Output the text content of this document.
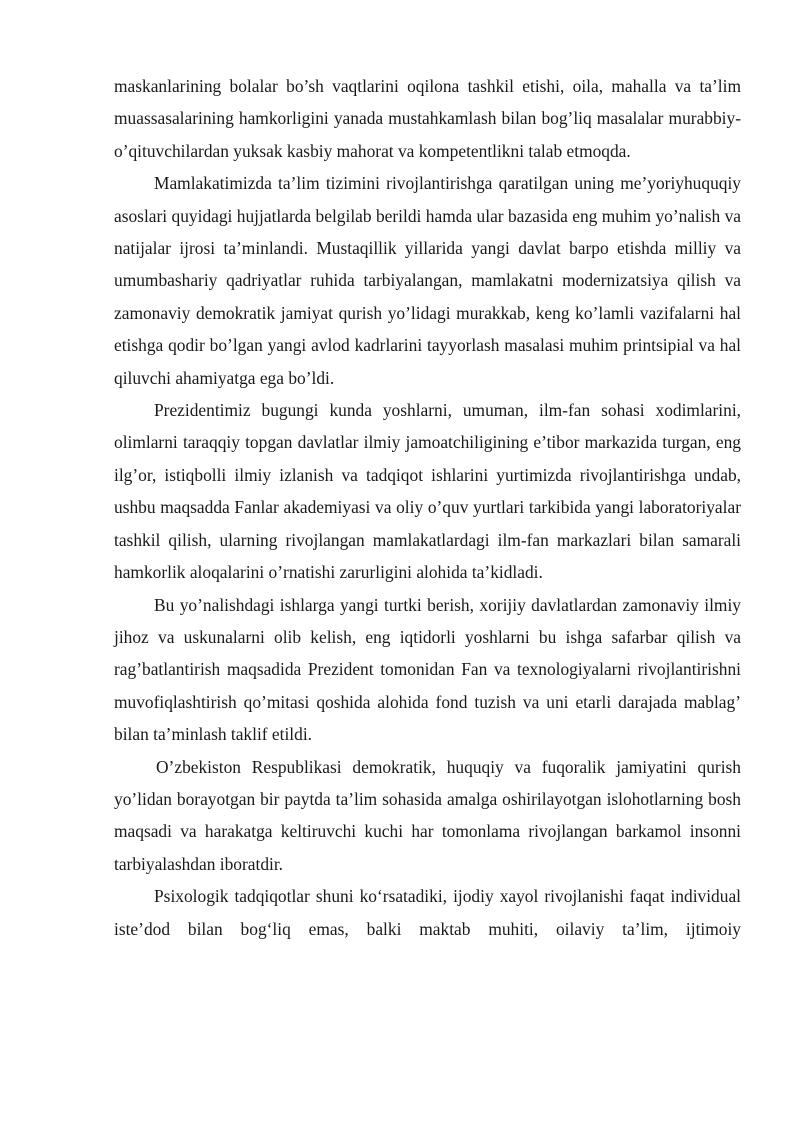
maskanlarining bolalar bo’sh vaqtlarini oqilona tashkil etishi, oila, mahalla va ta’lim muassasalarining hamkorligini yanada mustahkamlash bilan bog’liq masalalar murabbiy-o’qituvchilardan yuksak kasbiy mahorat va kompetentlikni talab etmoqda.

Mamlakatimizda ta’lim tizimini rivojlantirishga qaratilgan uning me’yoriyhuquqiy asoslari quyidagi hujjatlarda belgilab berildi hamda ular bazasida eng muhim yo’nalish va natijalar ijrosi ta’minlandi. Mustaqillik yillarida yangi davlat barpo etishda milliy va umumbashariy qadriyatlar ruhida tarbiyalangan, mamlakatni modernizatsiya qilish va zamonaviy demokratik jamiyat qurish yo’lidagi murakkab, keng ko’lamli vazifalarni hal etishga qodir bo’lgan yangi avlod kadrlarini tayyorlash masalasi muhim printsipial va hal qiluvchi ahamiyatga ega bo’ldi.

Prezidentimiz bugungi kunda yoshlarni, umuman, ilm-fan sohasi xodimlarini, olimlarni taraqqiy topgan davlatlar ilmiy jamoatchiligining e’tibor markazida turgan, eng ilg’or, istiqbolli ilmiy izlanish va tadqiqot ishlarini yurtimizda rivojlantirishga undab, ushbu maqsadda Fanlar akademiyasi va oliy o’quv yurtlari tarkibida yangi laboratoriyalar tashkil qilish, ularning rivojlangan mamlakatlardagi ilm-fan markazlari bilan samarali hamkorlik aloqalarini o’rnatishi zarurligini alohida ta’kidladi.

Bu yo’nalishdagi ishlarga yangi turtki berish, xorijiy davlatlardan zamonaviy ilmiy jihoz va uskunalarni olib kelish, eng iqtidorli yoshlarni bu ishga safarbar qilish va rag’batlantirish maqsadida Prezident tomonidan Fan va texnologiyalarni rivojlantirishni muvofiqlashtirish qo’mitasi qoshida alohida fond tuzish va uni etarli darajada mablag’ bilan ta’minlash taklif etildi.

O’zbekiston Respublikasi demokratik, huquqiy va fuqoralik jamiyatini qurish yo’lidan borayotgan bir paytda ta’lim sohasida amalga oshirilayotgan islohotlarning bosh maqsadi va harakatga keltiruvchi kuchi har tomonlama rivojlangan barkamol insonni tarbiyalashdan iboratdir.

Psixologik tadqiqotlar shuni ko‘rsatadiki, ijodiy xayol rivojlanishi faqat individual iste’dod bilan bog‘liq emas, balki maktab muhiti, oilaviy ta’lim, ijtimoiy
